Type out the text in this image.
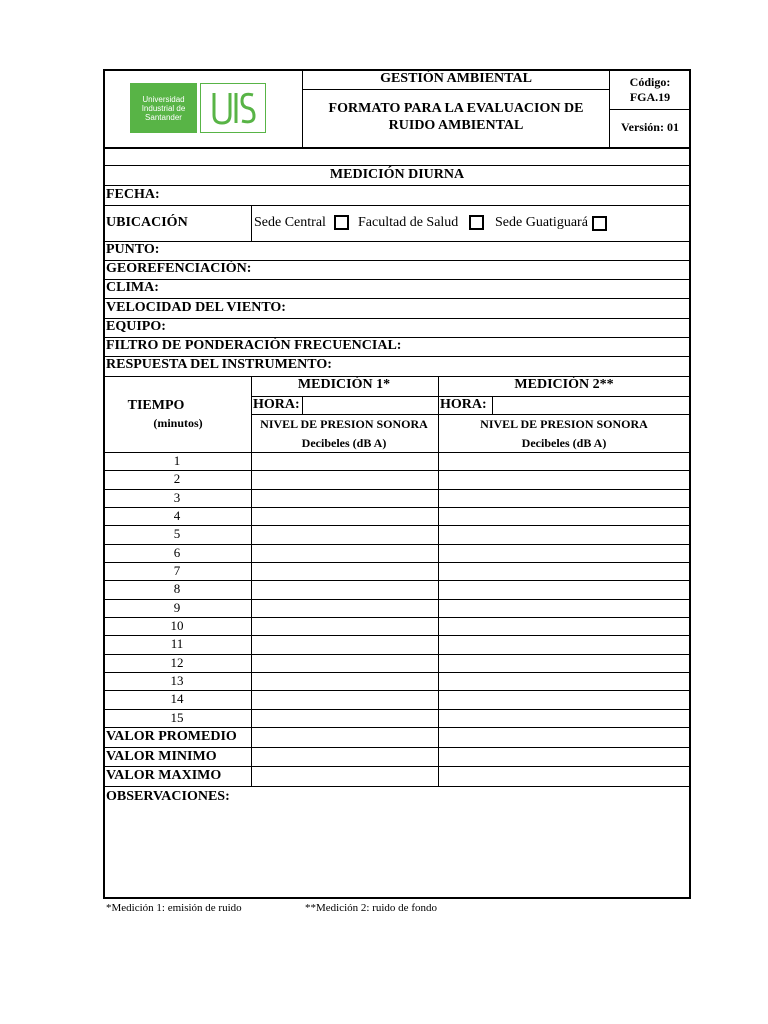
Universidad
Industrial de
Santander
GESTIÓN AMBIENTAL
FORMATO PARA LA EVALUACION DE
RUIDO AMBIENTAL
Código:
FGA.19
Versión: 01
MEDICIÓN DIURNA
FECHA:
UBICACIÓN	Sede Central Facultad de Salud	Sede Guatiguará
PUNTO:
GEOREFENCIACIÓN:
CLIMA:
VELOCIDAD DEL VIENTO:
EQUIPO:
FILTRO DE PONDERACIÓN FRECUENCIAL:
RESPUESTA DEL INSTRUMENTO:
TIEMPO
(minutos)
MEDICIÓN 1*	MEDICIÓN 2**
HORA:	HORA:
NIVEL DE PRESION SONORA
Decibeles (dB A)
NIVEL DE PRESION SONORA
Decibeles (dB A)
1
2
3
4
5
6
7
8
9
10
11
12
13
14
15
VALOR PROMEDIO
VALOR MINIMO
VALOR MAXIMO
OBSERVACIONES:
*Medición 1: emisión de ruido	**Medición 2: ruido de fondo
